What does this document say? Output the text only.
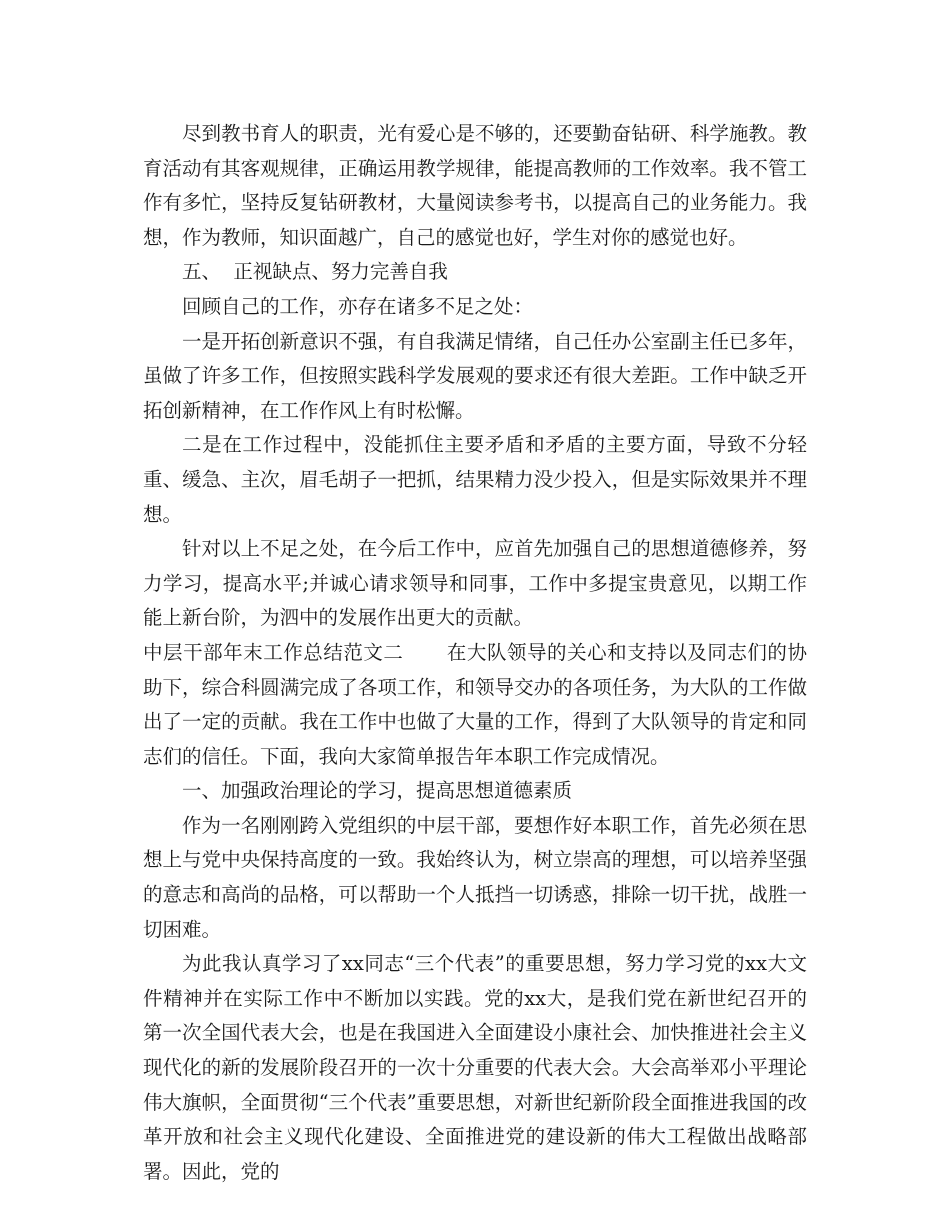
尽到教书育人的职责，光有爱心是不够的，还要勤奋钻研、科学施教。教育活动有其客观规律，正确运用教学规律，能提高教师的工作效率。我不管工作有多忙，坚持反复钻研教材，大量阅读参考书，以提高自己的业务能力。我想，作为教师，知识面越广，自己的感觉也好，学生对你的感觉也好。

五、  正视缺点、努力完善自我

回顾自己的工作，亦存在诸多不足之处：

一是开拓创新意识不强，有自我满足情绪，自己任办公室副主任已多年，虽做了许多工作，但按照实践科学发展观的要求还有很大差距。工作中缺乏开拓创新精神，在工作作风上有时松懈。

二是在工作过程中，没能抓住主要矛盾和矛盾的主要方面，导致不分轻重、缓急、主次，眉毛胡子一把抓，结果精力没少投入，但是实际效果并不理想。

针对以上不足之处，在今后工作中，应首先加强自己的思想道德修养，努力学习，提高水平;并诚心请求领导和同事，工作中多提宝贵意见，以期工作能上新台阶，为泗中的发展作出更大的贡献。

中层干部年末工作总结范文二 在大队领导的关心和支持以及同志们的协助下，综合科圆满完成了各项工作，和领导交办的各项任务，为大队的工作做出了一定的贡献。我在工作中也做了大量的工作，得到了大队领导的肯定和同志们的信任。下面，我向大家简单报告年本职工作完成情况。

一、加强政治理论的学习，提高思想道德素质

作为一名刚刚跨入党组织的中层干部，要想作好本职工作，首先必须在思想上与党中央保持高度的一致。我始终认为，树立崇高的理想，可以培养坚强的意志和高尚的品格，可以帮助一个人抵挡一切诱惑，排除一切干扰，战胜一切困难。

为此我认真学习了xx同志“三个代表”的重要思想，努力学习党的xx大文件精神并在实际工作中不断加以实践。党的xx大，是我们党在新世纪召开的第一次全国代表大会，也是在我国进入全面建设小康社会、加快推进社会主义现代化的新的发展阶段召开的一次十分重要的代表大会。大会高举邓小平理论伟大旗帜，全面贯彻“三个代表”重要思想，对新世纪新阶段全面推进我国的改革开放和社会主义现代化建设、全面推进党的建设新的伟大工程做出战略部署。因此，党的
